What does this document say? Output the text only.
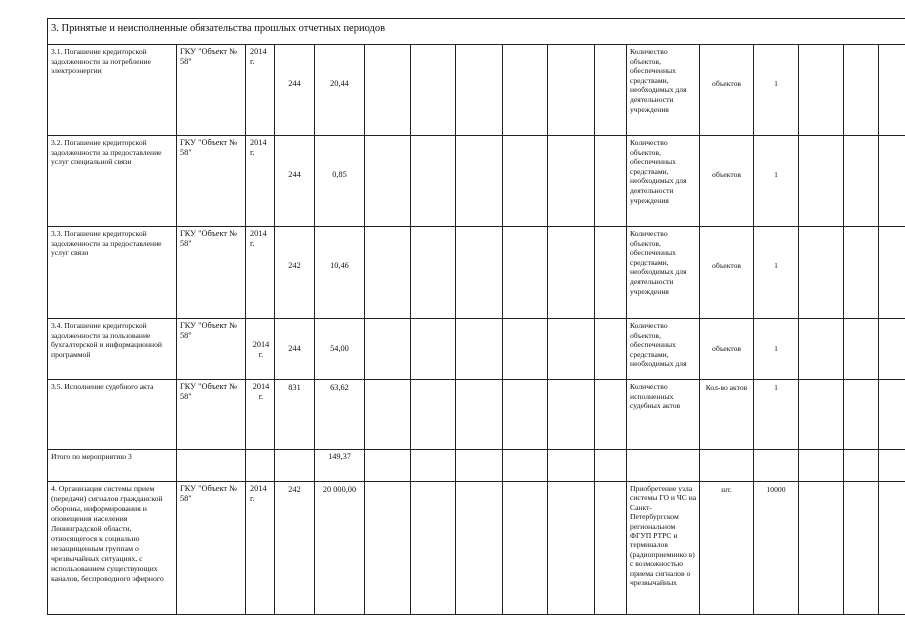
3. Принятые и неисполненные обязательства прошлых отчетных периодов																		
3.1. Погашение кредиторской задолженности за потребление электроэнергии	ГКУ "Объект № 58"	2014 г.	244	20,44							Количество объектов, обеспеченных средствами, необходимых для деятельности учреждения	объектов	1					
3.2. Погашение кредиторской задолженности за предоставление услуг специальной связи	ГКУ "Объект № 58"	2014 г.	244	0,85							Количество объектов, обеспеченных средствами, необходимых для деятельности учреждения	объектов	1					
3.3. Погашение кредиторской задолженности за предоставление услуг связи	ГКУ "Объект № 58"	2014 г.	242	10,46							Количество объектов, обеспеченных средствами, необходимых для деятельности учреждения	объектов	1					
3.4. Погашение кредиторской задолженности за пользование бухгалтерской и информационной программой	ГКУ "Объект № 58"	2014 г.	244	54,00							Количество объектов, обеспеченных средствами, необходимых для	объектов	1					
3.5. Исполнение судебного акта	ГКУ "Объект № 58"	2014 г.	831	63,62							Количество исполненных судебных актов	Кол-во актов	1					
Итого по мероприятию 3				149,37														
4. Организация системы прием (передачи) сигналов гражданской обороны, информирования и оповещения населения Ленинградской области, относящегося к социально незащищенным группам о чрезвычайных ситуациях, с использованием существующих каналов, беспроводного эфирного	ГКУ "Объект № 58"	2014 г.	242	20 000,00							Приобретение узла системы ГО и ЧС на Санкт-Петербургском региональном ФГУП РТРС и терминалов (радиоприемнико в) с возможностью приема сигналов о чрезвычайных	шт.	10000					
